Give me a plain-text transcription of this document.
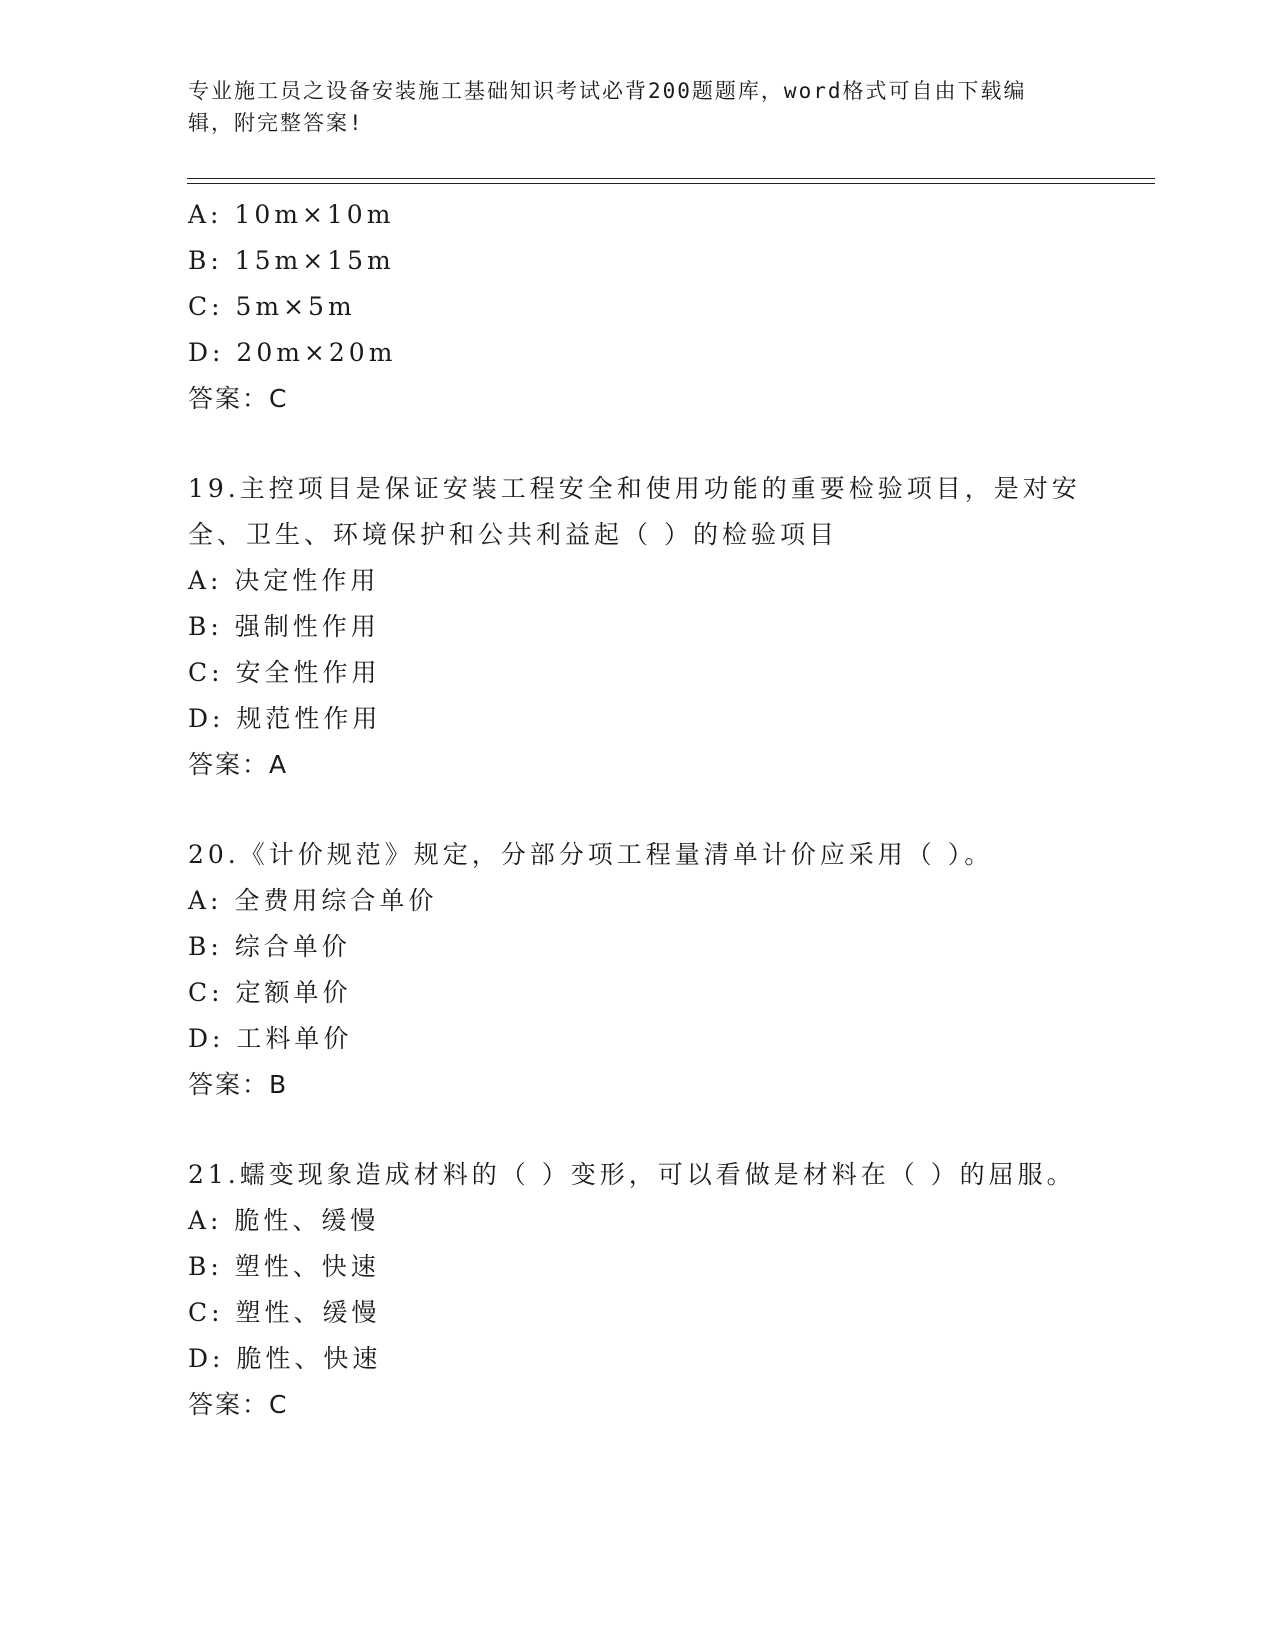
专业施工员之设备安装施工基础知识考试必背200题题库，word格式可自由下载编辑，附完整答案!
A: 10m×10m
B: 15m×15m
C: 5m×5m
D: 20m×20m
答案：C
19.主控项目是保证安装工程安全和使用功能的重要检验项目，是对安全、卫生、环境保护和公共利益起（ ）的检验项目
A: 决定性作用
B: 强制性作用
C: 安全性作用
D: 规范性作用
答案：A
20.《计价规范》规定，分部分项工程量清单计价应采用（ ）。
A: 全费用综合单价
B: 综合单价
C: 定额单价
D: 工料单价
答案：B
21.蠕变现象造成材料的（ ）变形，可以看做是材料在（ ）的屈服。
A: 脆性、缓慢
B: 塑性、快速
C: 塑性、缓慢
D: 脆性、快速
答案：C
